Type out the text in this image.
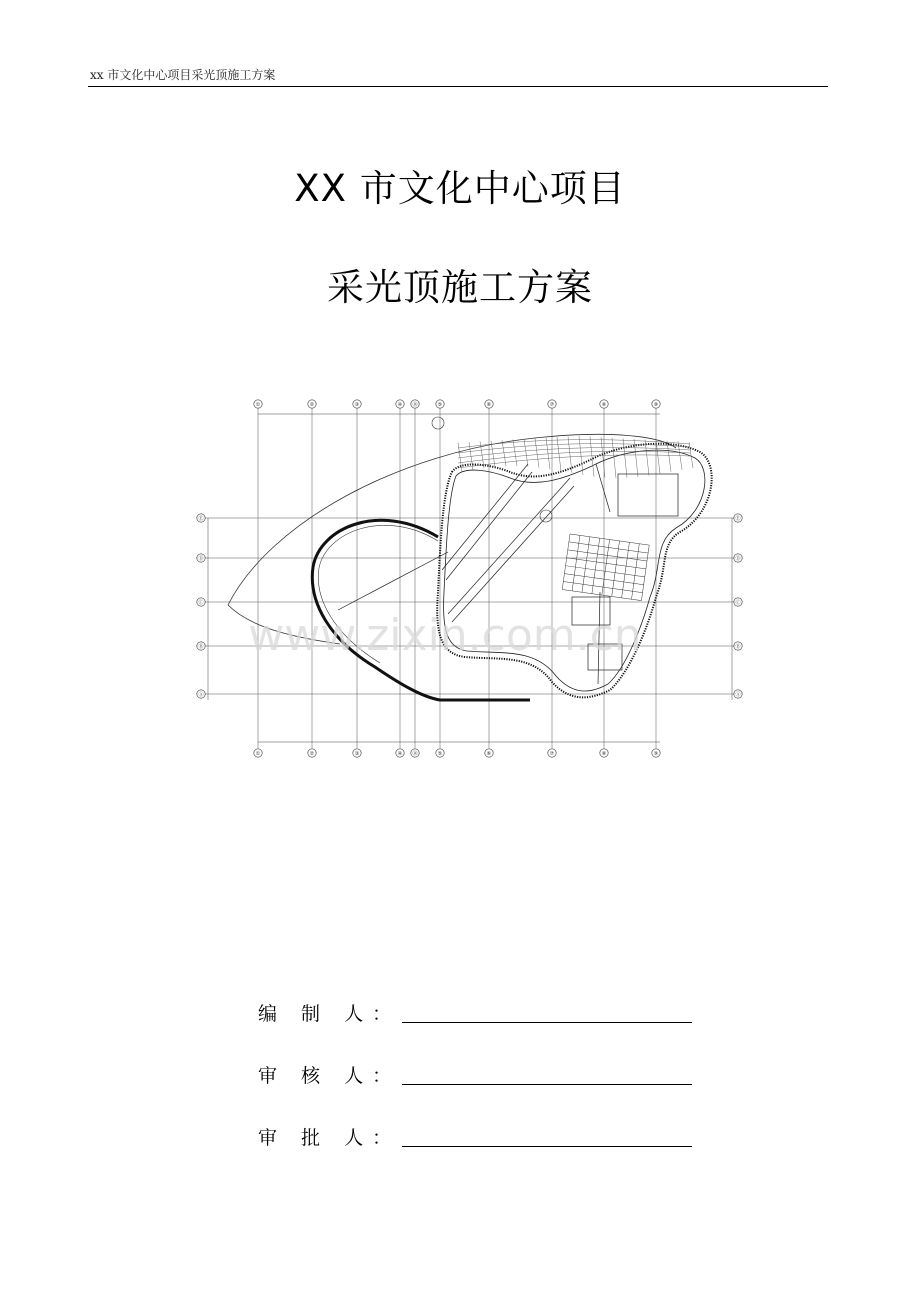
xx 市文化中心项目采光顶施工方案
XX 市文化中心项目
采光顶施工方案
①	②	③	④ ⑭	⑤	⑥	⑦	⑧	⑨
①	②	③	④ ⑭	⑤	⑥	⑦	⑧	⑨
Ⓔ
Ⓓ
Ⓒ
Ⓑ
Ⓐ
Ⓔ
Ⓓ
Ⓒ
Ⓑ
Ⓐ
www.zixin.com.cn
编 制 人：
审 核 人：
审 批 人：
